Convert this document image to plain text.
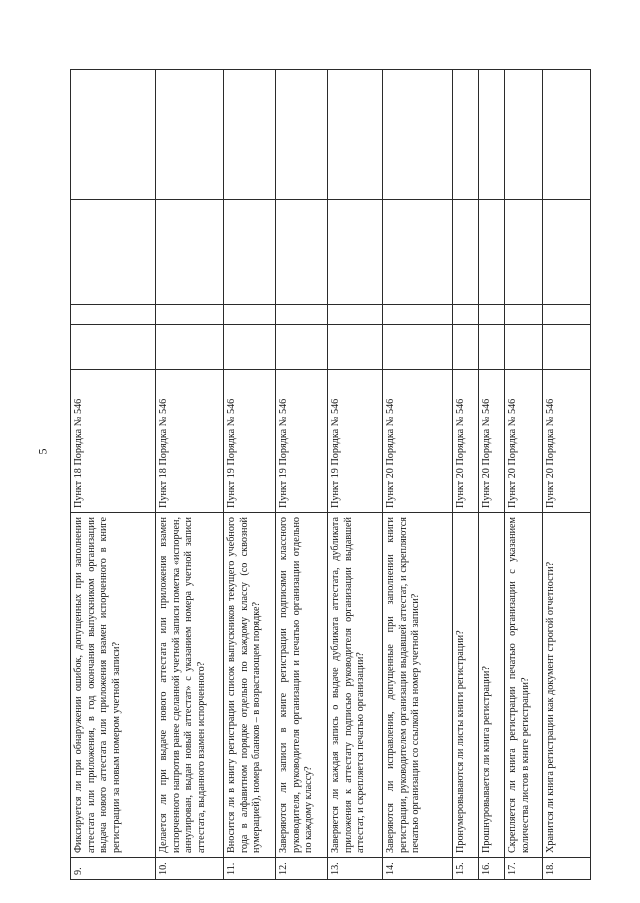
5
9.	Фиксируется ли при обнаружении ошибок, допущенных при заполнении аттестата или приложения, в год окончания выпускником организации выдача нового аттестата или приложения взамен испорченного в книге регистрации за новым номером учетной записи?	Пункт 18 Порядка № 546				
10.	Делается ли при выдаче нового аттестата или приложения взамен испорченного напротив ранее сделанной учетной записи пометка «испорчен, аннулирован, выдан новый аттестат» с указанием номера учетной записи аттестата, выданного взамен испорченного?	Пункт 18 Порядка № 546				
11.	Вносится ли в книгу регистрации список выпускников текущего учебного года в алфавитном порядке отдельно по каждому классу (со сквозной нумерацией), номера бланков – в возрастающем порядке?	Пункт 19 Порядка № 546				
12.	Заверяются ли записи в книге регистрации подписями классного руководителя, руководителя организации и печатью организации отдельно по каждому классу?	Пункт 19 Порядка № 546				
13.	Заверяется ли каждая запись о выдаче дубликата аттестата, дубликата приложения к аттестату подписью руководителя организации выдавшей аттестат, и скрепляется печатью организации?	Пункт 19 Порядка № 546				
14.	Заверяются ли исправления, допущенные при заполнении книги регистрации, руководителем организации выдавшей аттестат, и скрепляются печатью организации со ссылкой на номер учетной записи?	Пункт 20 Порядка № 546				
15.	Пронумеровываются ли листы книги регистрации?	Пункт 20 Порядка № 546				
16.	Прошнуровывается ли книга регистрации?	Пункт 20 Порядка № 546				
17.	Скрепляется ли книга регистрации печатью организации с указанием количества листов в книге регистрации?	Пункт 20 Порядка № 546				
18.	Хранится ли книга регистрации как документ строгой отчетности?	Пункт 20 Порядка № 546				
